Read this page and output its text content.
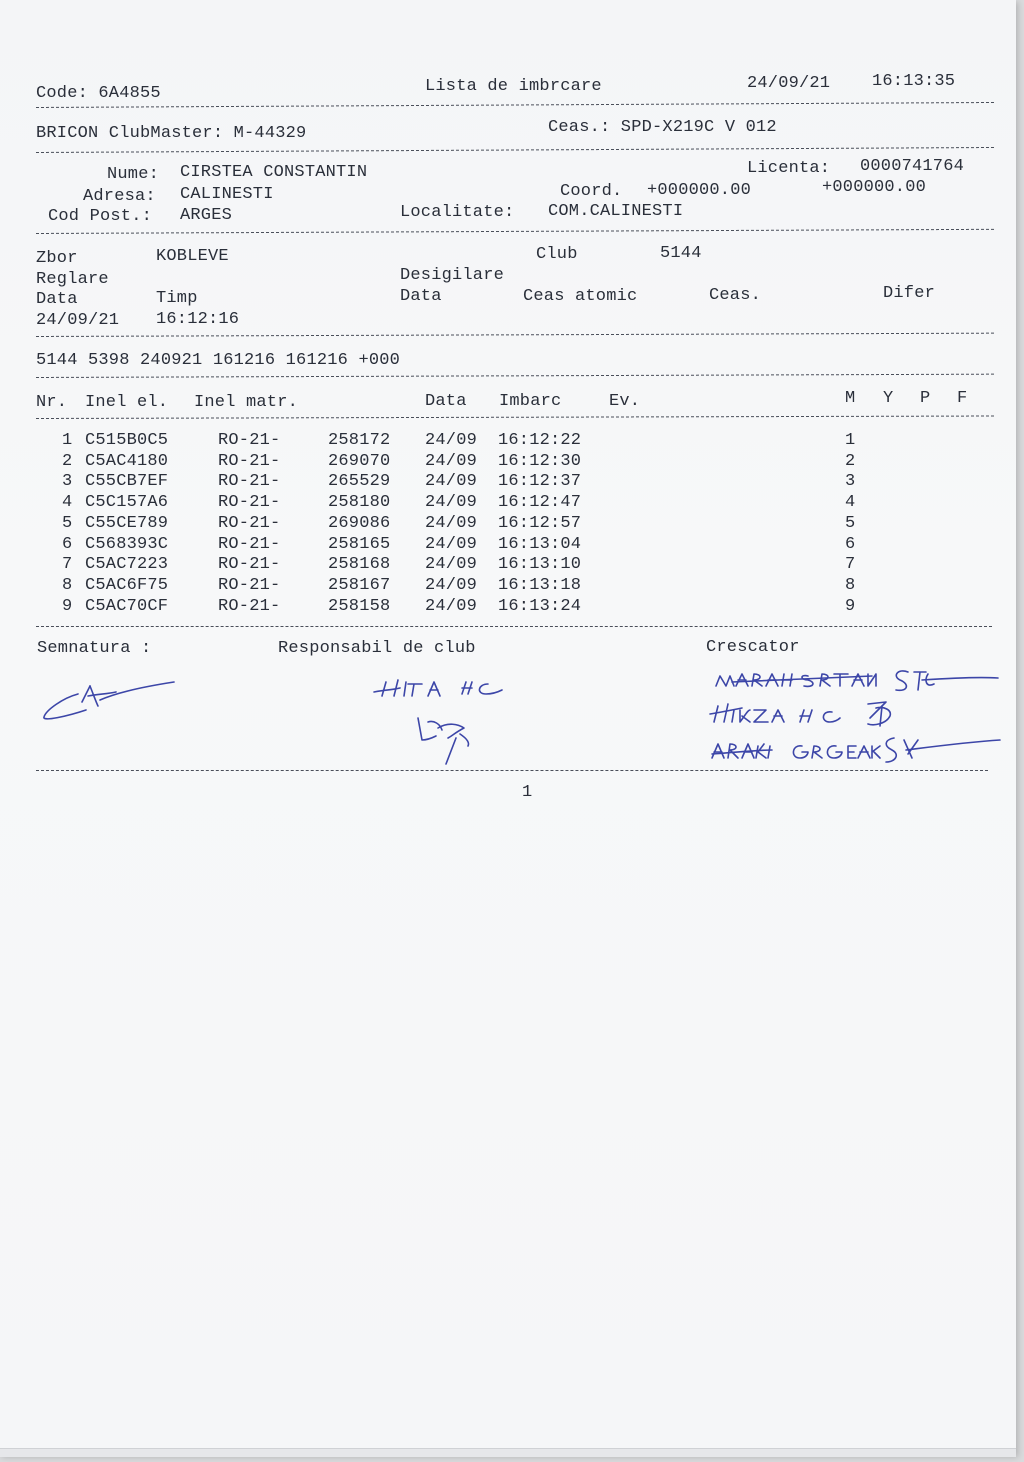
Code: 6A4855	Lista de imbrcare	24/09/21 16:13:35
BRICON ClubMaster: M-44329	Ceas.: SPD-X219C V 012
Nume: CIRSTEA CONSTANTIN	Licenta: 0000741764
Adresa: CALINESTI	Coord. +000000.00	+000000.00
Cod Post.: ARGES	Localitate: COM.CALINESTI
Zbor	KOBLEVE	Club	5144
Reglare	Desigilare
Data	Timp	Data	Ceas atomic	Ceas.	Difer
24/09/21 16:12:16
5144 5398 240921 161216 161216 +000
Nr. Inel el. Inel matr.	Data Imbarc	Ev.	M Y P F
1 C515B0C5	RO-21-	258172 24/09 16:12:22	1
2 C5AC4180	RO-21-	269070 24/09 16:12:30	2
3 C55CB7EF	RO-21-	265529 24/09 16:12:37	3
4 C5C157A6	RO-21-	258180 24/09 16:12:47	4
5 C55CE789	RO-21-	269086 24/09 16:12:57	5
6 C568393C	RO-21-	258165 24/09 16:13:04	6
7 C5AC7223	RO-21-	258168 24/09 16:13:10	7
8 C5AC6F75	RO-21-	258167 24/09 16:13:18	8
9 C5AC70CF	RO-21-	258158 24/09 16:13:24	9
Semnatura :	Responsabil de club	Crescator
1
